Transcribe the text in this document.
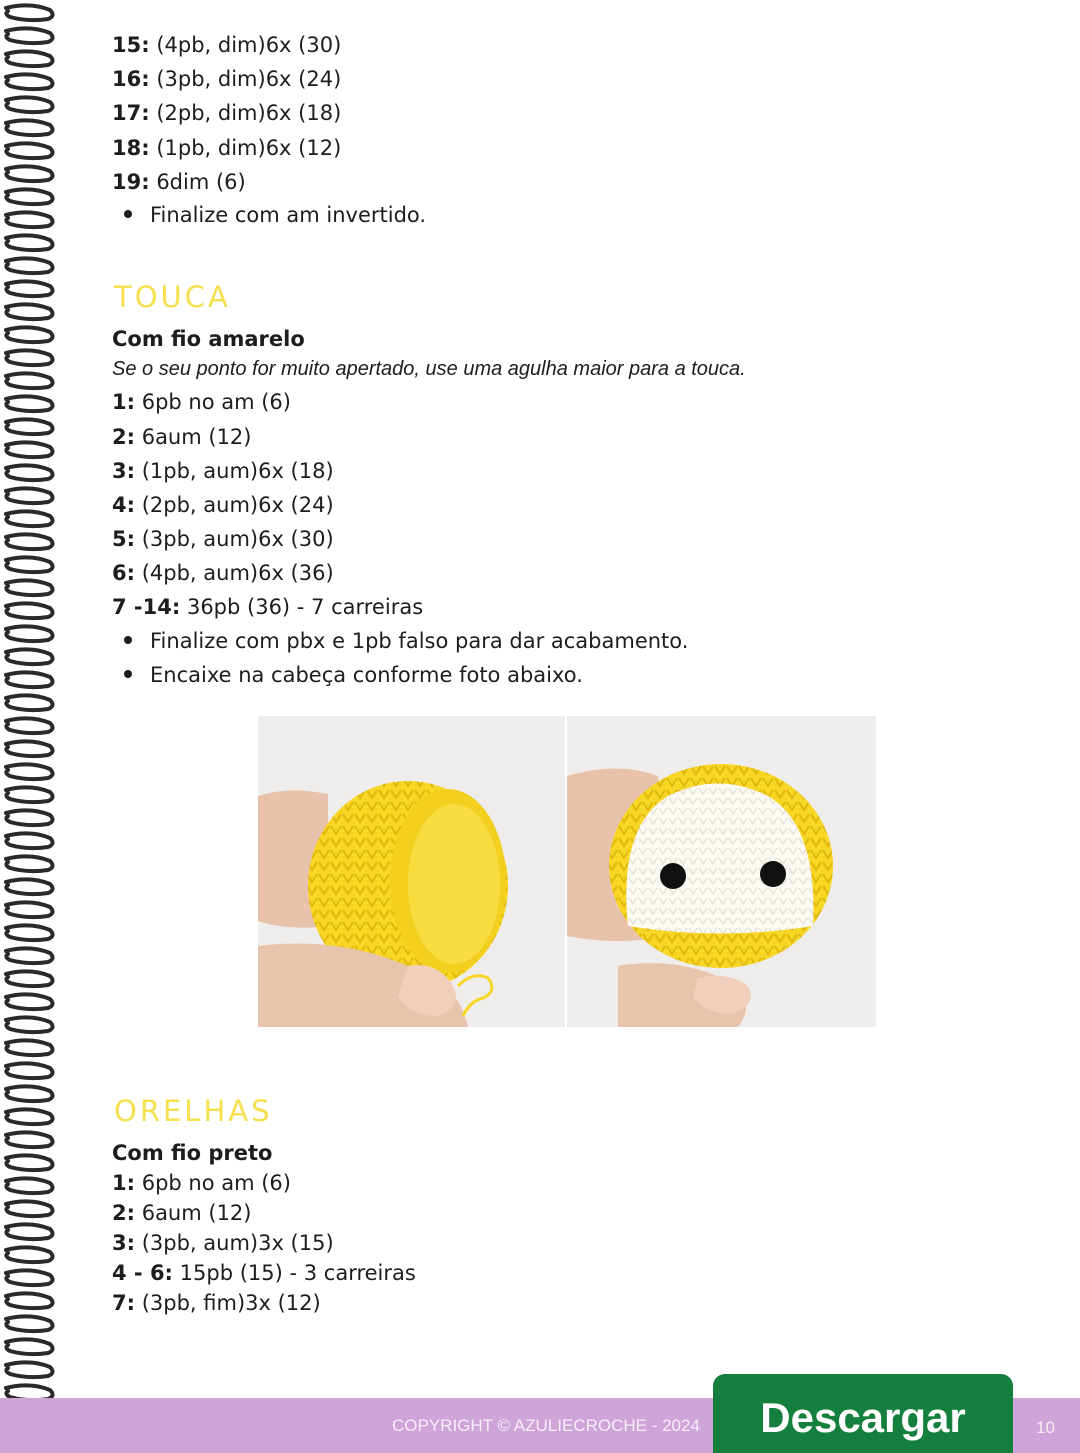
15: (4pb, dim)6x (30)
16: (3pb, dim)6x (24)
17: (2pb, dim)6x (18)
18: (1pb, dim)6x (12)
19: 6dim (6)
Finalize com am invertido.
TOUCA
Com fio amarelo
Se o seu ponto for muito apertado, use uma agulha maior para a touca.
1: 6pb no am (6)
2: 6aum (12)
3: (1pb, aum)6x (18)
4: (2pb, aum)6x (24)
5: (3pb, aum)6x (30)
6: (4pb, aum)6x (36)
7 -14: 36pb (36) - 7 carreiras
Finalize com pbx e 1pb falso para dar acabamento.
Encaixe na cabeça conforme foto abaixo.
ORELHAS
Com fio preto
1: 6pb no am (6)
2: 6aum (12)
3: (3pb, aum)3x (15)
4 - 6: 15pb (15) - 3 carreiras
7: (3pb, fim)3x (12)
COPYRIGHT © AZULIECROCHE - 2024	10
Descargar
